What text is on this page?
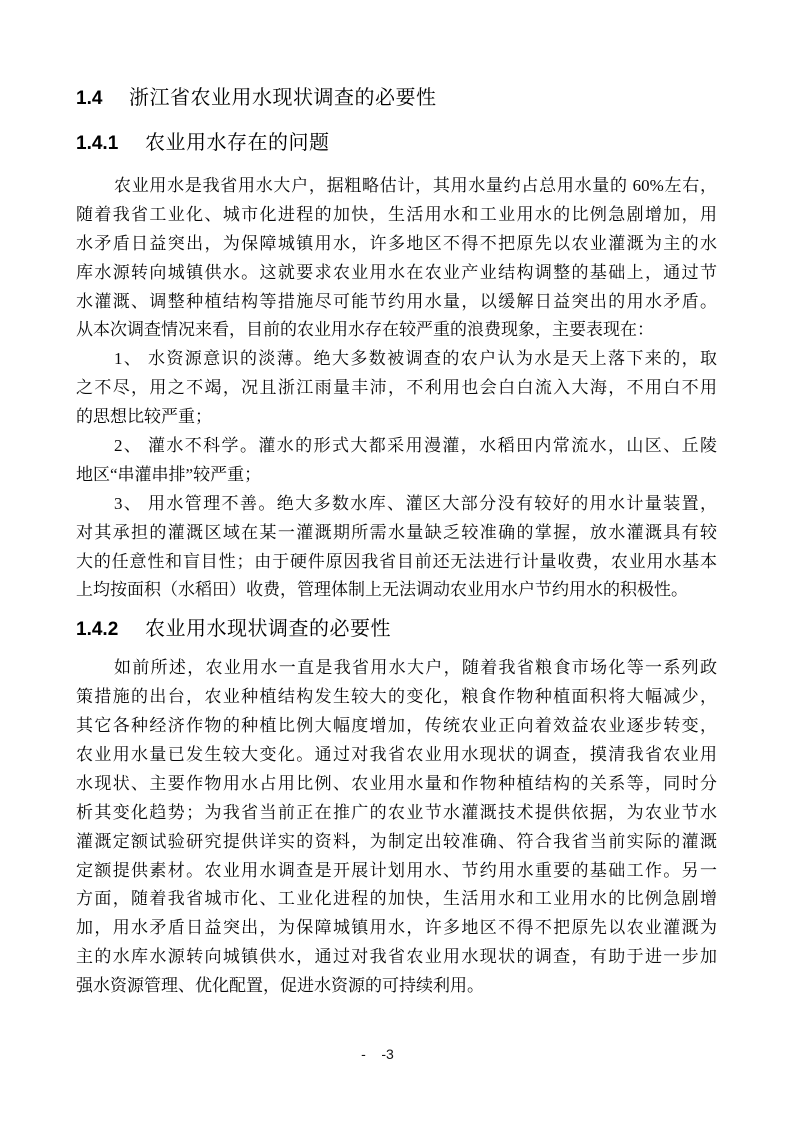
1.4	浙江省农业用水现状调查的必要性
1.4.1	农业用水存在的问题
农业用水是我省用水大户，据粗略估计，其用水量约占总用水量的 60%左右，
随着我省工业化、城市化进程的加快，生活用水和工业用水的比例急剧增加，用
水矛盾日益突出，为保障城镇用水，许多地区不得不把原先以农业灌溉为主的水
库水源转向城镇供水。这就要求农业用水在农业产业结构调整的基础上，通过节
水灌溉、调整种植结构等措施尽可能节约用水量，以缓解日益突出的用水矛盾。
从本次调查情况来看，目前的农业用水存在较严重的浪费现象，主要表现在：
1、 水资源意识的淡薄。绝大多数被调查的农户认为水是天上落下来的，取
之不尽，用之不竭，况且浙江雨量丰沛，不利用也会白白流入大海，不用白不用
的思想比较严重；
2、 灌水不科学。灌水的形式大都采用漫灌，水稻田内常流水，山区、丘陵
地区“串灌串排”较严重；
3、 用水管理不善。绝大多数水库、灌区大部分没有较好的用水计量装置，
对其承担的灌溉区域在某一灌溉期所需水量缺乏较准确的掌握，放水灌溉具有较
大的任意性和盲目性；由于硬件原因我省目前还无法进行计量收费，农业用水基本
上均按面积（水稻田）收费，管理体制上无法调动农业用水户节约用水的积极性。
1.4.2	农业用水现状调查的必要性
如前所述，农业用水一直是我省用水大户，随着我省粮食市场化等一系列政
策措施的出台，农业种植结构发生较大的变化，粮食作物种植面积将大幅减少，
其它各种经济作物的种植比例大幅度增加，传统农业正向着效益农业逐步转变，
农业用水量已发生较大变化。通过对我省农业用水现状的调查，摸清我省农业用
水现状、主要作物用水占用比例、农业用水量和作物种植结构的关系等，同时分
析其变化趋势；为我省当前正在推广的农业节水灌溉技术提供依据，为农业节水
灌溉定额试验研究提供详实的资料，为制定出较准确、符合我省当前实际的灌溉
定额提供素材。农业用水调查是开展计划用水、节约用水重要的基础工作。另一
方面，随着我省城市化、工业化进程的加快，生活用水和工业用水的比例急剧增
加，用水矛盾日益突出，为保障城镇用水，许多地区不得不把原先以农业灌溉为
主的水库水源转向城镇供水，通过对我省农业用水现状的调查，有助于进一步加
强水资源管理、优化配置，促进水资源的可持续利用。
-    -3
